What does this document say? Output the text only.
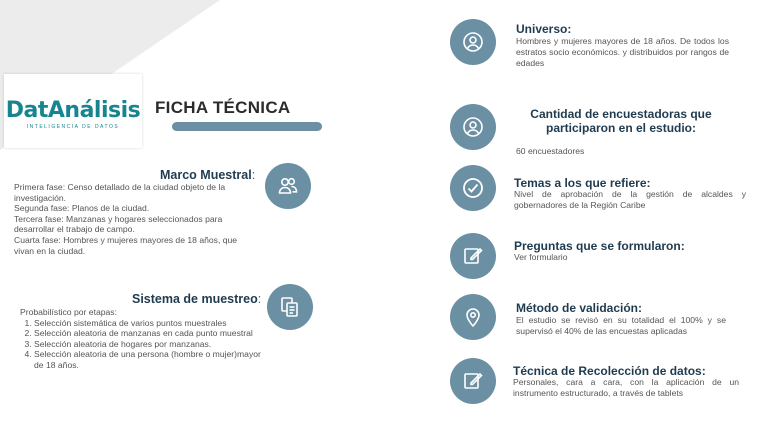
DatAnálisis
INTELIGENCIA DE DATOS
FICHA TÉCNICA
Marco Muestral:
Primera fase: Censo detallado de la ciudad objeto de la investigación.
Segunda fase: Planos de la ciudad.
Tercera fase: Manzanas y hogares seleccionados para desarrollar el trabajo de campo.
Cuarta fase: Hombres y mujeres mayores de 18 años, que vivan en la ciudad.
Sistema de muestreo:
Probabilístico por etapas:
1. Selección sistemática de varios puntos muestrales
2. Selección aleatoria de manzanas en cada punto muestral
3. Selección aleatoria de hogares por manzanas.
4. Selección aleatoria de una persona (hombre o mujer)mayor de 18 años.
Universo:
Hombres y mujeres mayores de 18 años. De todos los estratos socio económicos. y distribuidos por rangos de edades
Cantidad de encuestadoras que participaron en el estudio:
60 encuestadores
Temas a los que refiere:
Nivel de aprobación de la gestión de alcaldes y gobernadores de la Región Caribe
Preguntas que se formularon:
Ver formulario
Método de validación:
El estudio se revisó en su totalidad el 100% y se supervisó el 40% de las encuestas aplicadas
Técnica de Recolección de datos:
Personales, cara a cara, con la aplicación de un instrumento estructurado, a través de tablets
